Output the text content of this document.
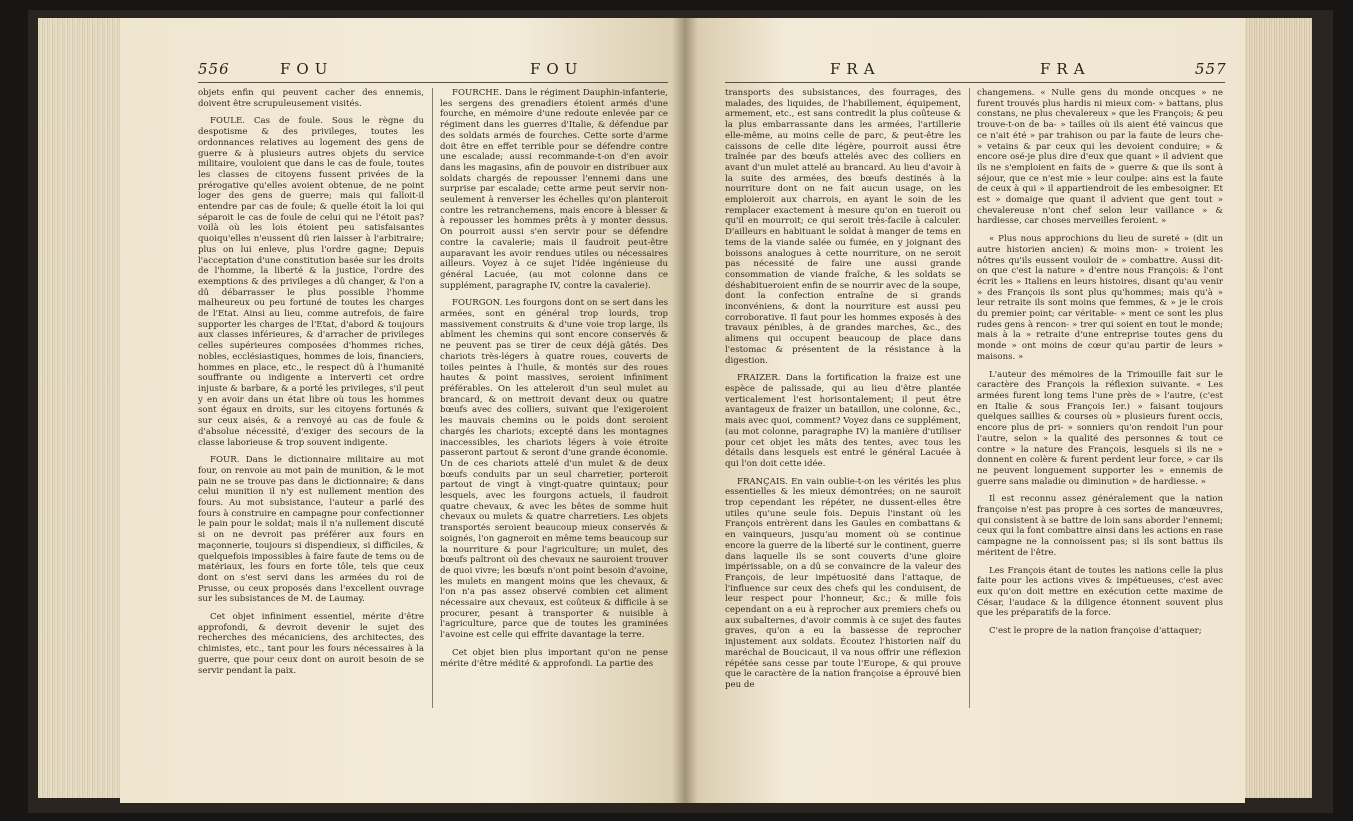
556	FOU	FOU

objets enfin qui peuvent cacher des ennemis, doivent être scrupuleusement visités.

FOULE. Cas de foule. Sous le règne du despotisme & des privileges, toutes les ordonnances relatives au logement des gens de guerre & à plusieurs autres objets du service militaire, vouloient que dans le cas de foule, toutes les classes de citoyens fussent privées de la prérogative qu'elles avoient obtenue, de ne point loger des gens de guerre; mais qui falloit-il entendre par cas de foule; & quelle étoit la loi qui séparoit le cas de foule de celui qui ne l'étoit pas? voilà où les lois étoient peu satisfaisantes quoiqu'elles n'eussent dû rien laisser à l'arbitraire; plus on lui enleve, plus l'ordre gagne; Depuis l'acceptation d'une constitution basée sur les droits de l'homme, la liberté & la justice, l'ordre des exemptions & des privileges a dû changer, & l'on a dû débarrasser le plus possible l'homme malheureux ou peu fortuné de toutes les charges de l'Etat. Ainsi au lieu, comme autrefois, de faire supporter les charges de l'Etat, d'abord & toujours aux classes inférieures, & d'arracher de privileges celles supérieures composées d'hommes riches, nobles, ecclésiastiques, hommes de lois, financiers, hommes en place, etc., le respect dû à l'humanité souffrante ou indigente a interverti cet ordre injuste & barbare, & a porté les privileges, s'il peut y en avoir dans un état libre où tous les hommes sont égaux en droits, sur les citoyens fortunés & sur ceux aisés, & a renvoyé au cas de foule & d'absolue nécessité, d'exiger des secours de la classe laborieuse & trop souvent indigente.

FOUR. Dans le dictionnaire militaire au mot four, on renvoie au mot pain de munition, & le mot pain ne se trouve pas dans le dictionnaire; & dans celui munition il n'y est nullement mention des fours. Au mot subsistance, l'auteur a parlé des fours à construire en campagne pour confectionner le pain pour le soldat; mais il n'a nullement discuté si on ne devroit pas préférer aux fours en maçonnerie, toujours si dispendieux, si difficiles, & quelquefois impossibles à faire faute de tems ou de matériaux, les fours en forte tôle, tels que ceux dont on s'est servi dans les armées du roi de Prusse, ou ceux proposés dans l'excellent ouvrage sur les subsistances de M. de Laumay.

Cet objet infiniment essentiel, mérite d'être approfondi, & devroit devenir le sujet des recherches des mécaniciens, des architectes, des chimistes, etc., tant pour les fours nécessaires à la guerre, que pour ceux dont on auroit besoin de se servir pendant la paix.

FOURCHE. Dans le régiment Dauphin-infanterie, les sergens des grenadiers étoient armés d'une fourche, en mémoire d'une redoute enlevée par ce régiment dans les guerres d'Italie, & défendue par des soldats armés de fourches. Cette sorte d'arme doit être en effet terrible pour se défendre contre une escalade; aussi recommande-t-on d'en avoir dans les magasins, afin de pouvoir en distribuer aux soldats chargés de repousser l'ennemi dans une surprise par escalade; cette arme peut servir non-seulement à renverser les échelles qu'on planteroit contre les retranchemens, mais encore à blesser & à repousser les hommes prêts à y monter dessus. On pourroit aussi s'en servir pour se défendre contre la cavalerie; mais il faudroit peut-être auparavant les avoir rendues utiles ou nécessaires ailleurs. Voyez à ce sujet l'idée ingénieuse du général Lacuée, (au mot colonne dans ce supplément, paragraphe IV, contre la cavalerie).

FOURGON. Les fourgons dont on se sert dans les armées, sont en général trop lourds, trop massivement construits & d'une voie trop large, ils abîment les chemins qui sont encore conservés & ne peuvent pas se tirer de ceux déjà gâtés. Des chariots très-légers à quatre roues, couverts de toiles peintes à l'huile, & montés sur des roues hautes & point massives, seroient infiniment préférables. On les atteleroit d'un seul mulet au brancard, & on mettroit devant deux ou quatre bœufs avec des colliers, suivant que l'exigeroient les mauvais chemins ou le poids dont seroient chargés les chariots; excepté dans les montagnes inaccessibles, les chariots légers à voie étroite passeront partout & seront d'une grande économie. Un de ces chariots attelé d'un mulet & de deux bœufs conduits par un seul charretier, porteroit partout de vingt à vingt-quatre quintaux; pour lesquels, avec les fourgons actuels, il faudroit quatre chevaux, & avec les bêtes de somme huit chevaux ou mulets & quatre charretiers. Les objets transportés seroient beaucoup mieux conservés & soignés, l'on gagneroit en même tems beaucoup sur la nourriture & pour l'agriculture; un mulet, des bœufs paîtront où des chevaux ne sauroient trouver de quoi vivre; les bœufs n'ont point besoin d'avoine, les mulets en mangent moins que les chevaux, & l'on n'a pas assez observé combien cet aliment nécessaire aux chevaux, est coûteux & difficile à se procurer, pesant à transporter & nuisible à l'agriculture, parce que de toutes les graminées l'avoine est celle qui effrite davantage la terre.

Cet objet bien plus important qu'on ne pense mérite d'être médité & approfondi. La partie des

FRA	FRA	557

transports des subsistances, des fourrages, des malades, des liquides, de l'habillement, équipement, armement, etc., est sans contredit la plus coûteuse & la plus embarrassante dans les armées, l'artillerie elle-même, au moins celle de parc, & peut-être les caissons de celle dite légère, pourroit aussi être traînée par des bœufs attelés avec des colliers en avant d'un mulet attelé au brancard. Au lieu d'avoir à la suite des armées, des bœufs destinés à la nourriture dont on ne fait aucun usage, on les emploieroit aux charrois, en ayant le soin de les remplacer exactement à mesure qu'on en tueroit ou qu'il en mourroit; ce qui seroit très-facile à calculer. D'ailleurs en habituant le soldat à manger de tems en tems de la viande salée ou fumée, en y joignant des boissons analogues à cette nourriture, on ne seroit pas nécessité de faire une aussi grande consommation de viande fraîche, & les soldats se déshabitueroient enfin de se nourrir avec de la soupe, dont la confection entraîne de si grands inconvéniens, & dont la nourriture est aussi peu corroborative. Il faut pour les hommes exposés à des travaux pénibles, à de grandes marches, &c., des alimens qui occupent beaucoup de place dans l'estomac & présentent de la résistance à la digestion.

FRAIZER. Dans la fortification la fraize est une espèce de palissade, qui au lieu d'être plantée verticalement l'est horisontalement; il peut être avantageux de fraizer un bataillon, une colonne, &c., mais avec quoi, comment? Voyez dans ce supplément, (au mot colonne, paragraphe IV) la manière d'utiliser pour cet objet les mâts des tentes, avec tous les détails dans lesquels est entré le général Lacuée à qui l'on doit cette idée.

FRANÇAIS. En vain oublie-t-on les vérités les plus essentielles & les mieux démontrées; on ne sauroit trop cependant les répéter, ne dussent-elles être utiles qu'une seule fois. Depuis l'instant où les François entrèrent dans les Gaules en combattans & en vainqueurs, jusqu'au moment où se continue encore la guerre de la liberté sur le continent, guerre dans laquelle ils se sont couverts d'une gloire impérissable, on a dû se convaincre de la valeur des François, de leur impétuosité dans l'attaque, de l'influence sur ceux des chefs qui les conduisent, de leur respect pour l'honneur, &c.; & mille fois cependant on a eu à reprocher aux premiers chefs ou aux subalternes, d'avoir commis à ce sujet des fautes graves, qu'on a eu la bassesse de reprocher injustement aux soldats. Écoutez l'historien naïf du maréchal de Boucicaut, il va nous offrir une réflexion répétée sans cesse par toute l'Europe, & qui prouve que le caractère de la nation françoise a éprouvé bien peu de

changemens. « Nulle gens du monde oncques » ne furent trouvés plus hardis ni mieux com- » battans, plus constans, ne plus chevalereux » que les François; & peu trouve-t-on de ba- » tailles où ils aient été vaincus que ce n'ait été » par trahison ou par la faute de leurs che- » vetains & par ceux qui les devoient conduire; » & encore osé-je plus dire d'eux que quant » il advient que ils ne s'emploient en faits de » guerre & que ils sont à séjour, que ce n'est mie » leur coulpe: ains est la faute de ceux à qui » il appartiendroit de les embesoigner. Et est » domaige que quant il advient que gent tout » chevalereuse n'ont chef selon leur vaillance » & hardiesse, car choses merveilles feroient. »

« Plus nous approchions du lieu de sureté » (dit un autre historien ancien) & moins mon- » troient les nôtres qu'ils eussent vouloir de » combattre. Aussi dit-on que c'est la nature » d'entre nous François: & l'ont écrit les » Italiens en leurs histoires, disant qu'au venir » des François ils sont plus qu'hommes; mais qu'à » leur retraite ils sont moins que femmes, & » je le crois du premier point; car véritable- » ment ce sont les plus rudes gens à rencon- » trer qui soient en tout le monde; mais à la » retraite d'une entreprise toutes gens du monde » ont moins de cœur qu'au partir de leurs » maisons. »

L'auteur des mémoires de la Trimouille fait sur le caractère des François la réflexion suivante. « Les armées furent long tems l'une près de » l'autre, (c'est en Italie & sous François Ier.) » faisant toujours quelques saillies & courses où » plusieurs furent occis, encore plus de pri- » sonniers qu'on rendoit l'un pour l'autre, selon » la qualité des personnes & tout ce contre » la nature des François, lesquels si ils ne » donnent en colère & furent perdent leur force, » car ils ne peuvent longuement supporter les » ennemis de guerre sans maladie ou diminution » de hardiesse. »

Il est reconnu assez généralement que la nation françoise n'est pas propre à ces sortes de manœuvres, qui consistent à se battre de loin sans aborder l'ennemi; ceux qui la font combattre ainsi dans les actions en rase campagne ne la connoissent pas; si ils sont battus ils méritent de l'être.

Les François étant de toutes les nations celle la plus faite pour les actions vives & impétueuses, c'est avec eux qu'on doit mettre en exécution cette maxime de César, l'audace & la diligence étonnent souvent plus que les préparatifs de la force.

C'est le propre de la nation françoise d'attaquer;
